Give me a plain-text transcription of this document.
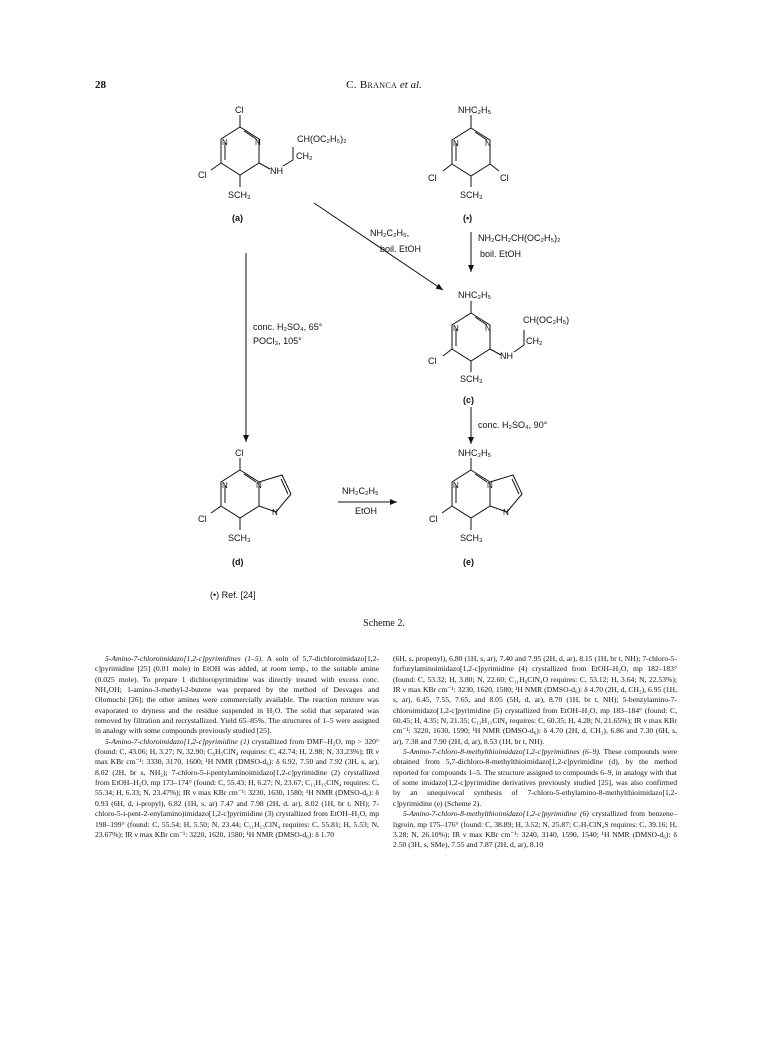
28	C. Branca et al.
Cl
Cl
SCH₃
N	N
NH
CH₂
CH(OC₂H₅)₂
(a)
NHC₂H₅
Cl	Cl
SCH₃
N	N
(•)
NH₂C₂H₅,
boil. EtOH
NH₂CH₂CH(OC₂H₅)₂
boil. EtOH
conc. H₂SO₄, 65°
POCl₃, 105°
conc. H₂SO₄, 90°
NH₂C₂H₅
EtOH
NHC₂H₅
Cl
SCH₃
N	N
NH
CH₂
CH(OC₂H₅)
(c)
Cl
Cl
SCH₃
N	N
N
(d)
NHC₂H₅
Cl
SCH₃
N	N
N
(e)
(•) Ref. [24]
Scheme 2.

5-Amino-7-chloroimidazo[1,2-c]pyrimidines (1–5). A soln of 5,7-dichloroimidazo[1,2-c]pyrimidine [25] (0.01 mole) in EtOH was added, at room temp., to the suitable amine (0.025 mole). To prepare 1 dichloropyrimidine was directly treated with excess conc. NH₄OH; 1-amino-3-methyl-2-butene was prepared by the method of Desvages and Olomuchi [26]; the other amines were commercially available. The reaction mixture was evaporated to dryness and the residue suspended in H₂O. The solid that separated was removed by filtration and recrystallized. Yield 65–85%. The structures of 1–5 were assigned in analogy with some compounds previously studied [25].

5-Amino-7-chloroimidazo[1,2-c]pyrimidine (1) crystallized from DMF–H₂O, mp > 320° (found: C, 43.06; H, 3.27; N, 32.90; C₆H₅ClN₄ requires: C, 42.74; H, 2.98; N, 33.23%); IR ν max KBr cm⁻¹: 3330, 3170, 1600; ¹H NMR (DMSO-d₆): δ 6.92, 7.50 and 7.92 (3H, s, ar), 8.02 (2H, br s, NH₂); 7-chloro-5-i-pentylaminoimidazo[1,2-c]pyrimidine (2) crystallized from EtOH–H₂O, mp 173–174° (found: C, 55.43; H, 6.27; N, 23.67; C₁₁H₁₅ClN₄ requires: C, 55.34; H, 6.33; N, 23.47%); IR ν max KBr cm⁻¹: 3230, 1630, 1580; ¹H NMR (DMSO-d₆): δ 0.93 (6H, d, i-propyl), 6.82 (1H, s, ar) 7.47 and 7.98 (2H, d, ar), 8.02 (1H, br t, NH); 7-chloro-5-i-pent-2-enylamino)imidazo[1,2-c]pyrimidine (3) crystallized from EtOH–H₂O, mp 198–199° (found: C, 55.54; H, 5.50; N, 23.44; C₁₁H₁₃ClN₄ requires: C, 55.81; H, 5.53; N, 23.67%); IR ν max KBr cm⁻¹: 3220, 1620, 1580; ¹H NMR (DMSO-d₆): δ 1.70

(6H, s, propenyl), 6.80 (1H, s, ar), 7.40 and 7.95 (2H, d, ar), 8.15 (1H, br t, NH); 7-chloro-5-furfurylaminoimidazo[1,2-c]pyrimidine (4) crystallized from EtOH–H₂O, mp 182–183° (found: C, 53.32; H, 3.80; N, 22.60; C₁₁H₉ClN₄O requires: C, 53.12; H, 3.64; N, 22.53%); IR ν max KBr cm⁻¹: 3230, 1620, 1580; ¹H NMR (DMSO-d₆): δ 4.70 (2H, d, CH₂), 6.95 (1H, s, ar), 6.45, 7.55, 7.65, and 8.05 (5H, d, ar), 8.70 (1H, br t, NH); 5-benzylamino-7-chloroimidazo[1,2-c]pyrimidine (5) crystallized from EtOH–H₂O, mp 183–184° (found: C, 60.45; H, 4.35; N, 21.35; C₁₃H₁₁ClN₄ requires: C, 60.35; H, 4.28; N, 21.65%); IR ν max KBr cm⁻¹: 3220, 1630, 1590; ¹H NMR (DMSO-d₆): δ 4.70 (2H, d, CH₂), 6.86 and 7.30 (6H, s, ar), 7.38 and 7.90 (2H, d, ar), 8.53 (1H, br t, NH).

5-Amino-7-chloro-8-methylthioimidazo[1,2-c]pyrimidines (6–9). These compounds were obtained from 5,7-dichloro-8-methylthioimidazo[1,2-c]pyrimidine (d), by the method reported for compounds 1–5. The structure assigned to compounds 6–9, in analogy with that of some imidazo[1,2-c]pyrimidine derivatives previously studied [25], was also confirmed by an unequivocal synthesis of 7-chloro-5-ethylamino-8-methylthioimidazo[1,2-c]pyrimidine (e) (Scheme 2).

5-Amino-7-chloro-8-methylthioimidazo[1,2-c]pyrimidine (6) crystallized from benzene–ligroin, mp 175–176° (found: C, 38.89; H, 3.52; N, 25.87; C₇H₇ClN₄S requires: C, 39.16; H, 3.28; N, 26.10%); IR ν max KBr cm⁻¹: 3240, 3140, 1590, 1540; ¹H NMR (DMSO-d₆): δ 2.50 (3H, s, SMe), 7.55 and 7.87 (2H, d, ar), 8.10
